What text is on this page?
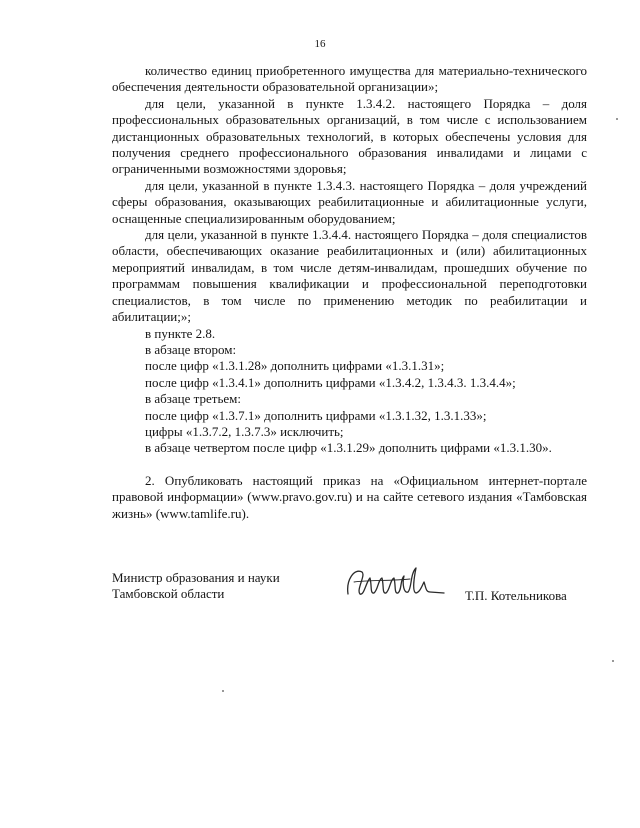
16

количество единиц приобретенного имущества для материально-технического обеспечения деятельности образовательной организации»;

для цели, указанной в пункте 1.3.4.2. настоящего Порядка – доля профессиональных образовательных организаций, в том числе с использованием дистанционных образовательных технологий, в которых обеспечены условия для получения среднего профессионального образования инвалидами и лицами с ограниченными возможностями здоровья;

для цели, указанной в пункте 1.3.4.3. настоящего Порядка – доля учреждений сферы образования, оказывающих реабилитационные и абилитационные услуги, оснащенные специализированным оборудованием;

для цели, указанной в пункте 1.3.4.4. настоящего Порядка – доля специалистов области, обеспечивающих оказание реабилитационных и (или) абилитационных мероприятий инвалидам, в том числе детям-инвалидам, прошедших обучение по программам повышения квалификации и профессиональной переподготовки специалистов, в том числе по применению методик по реабилитации и абилитации;»;

в пункте 2.8.

в абзаце втором:

после цифр «1.3.1.28» дополнить цифрами «1.3.1.31»;

после цифр «1.3.4.1» дополнить цифрами «1.3.4.2, 1.3.4.3. 1.3.4.4»;

в абзаце третьем:

после цифр «1.3.7.1» дополнить цифрами «1.3.1.32, 1.3.1.33»;

цифры «1.3.7.2, 1.3.7.3» исключить;

в абзаце четвертом после цифр «1.3.1.29» дополнить цифрами «1.3.1.30».

2. Опубликовать настоящий приказ на «Официальном интернет-портале правовой информации» (www.pravo.gov.ru) и на сайте сетевого издания «Тамбовская жизнь» (www.tamlife.ru).

Министр образования и науки
Тамбовской области	Т.П. Котельникова
